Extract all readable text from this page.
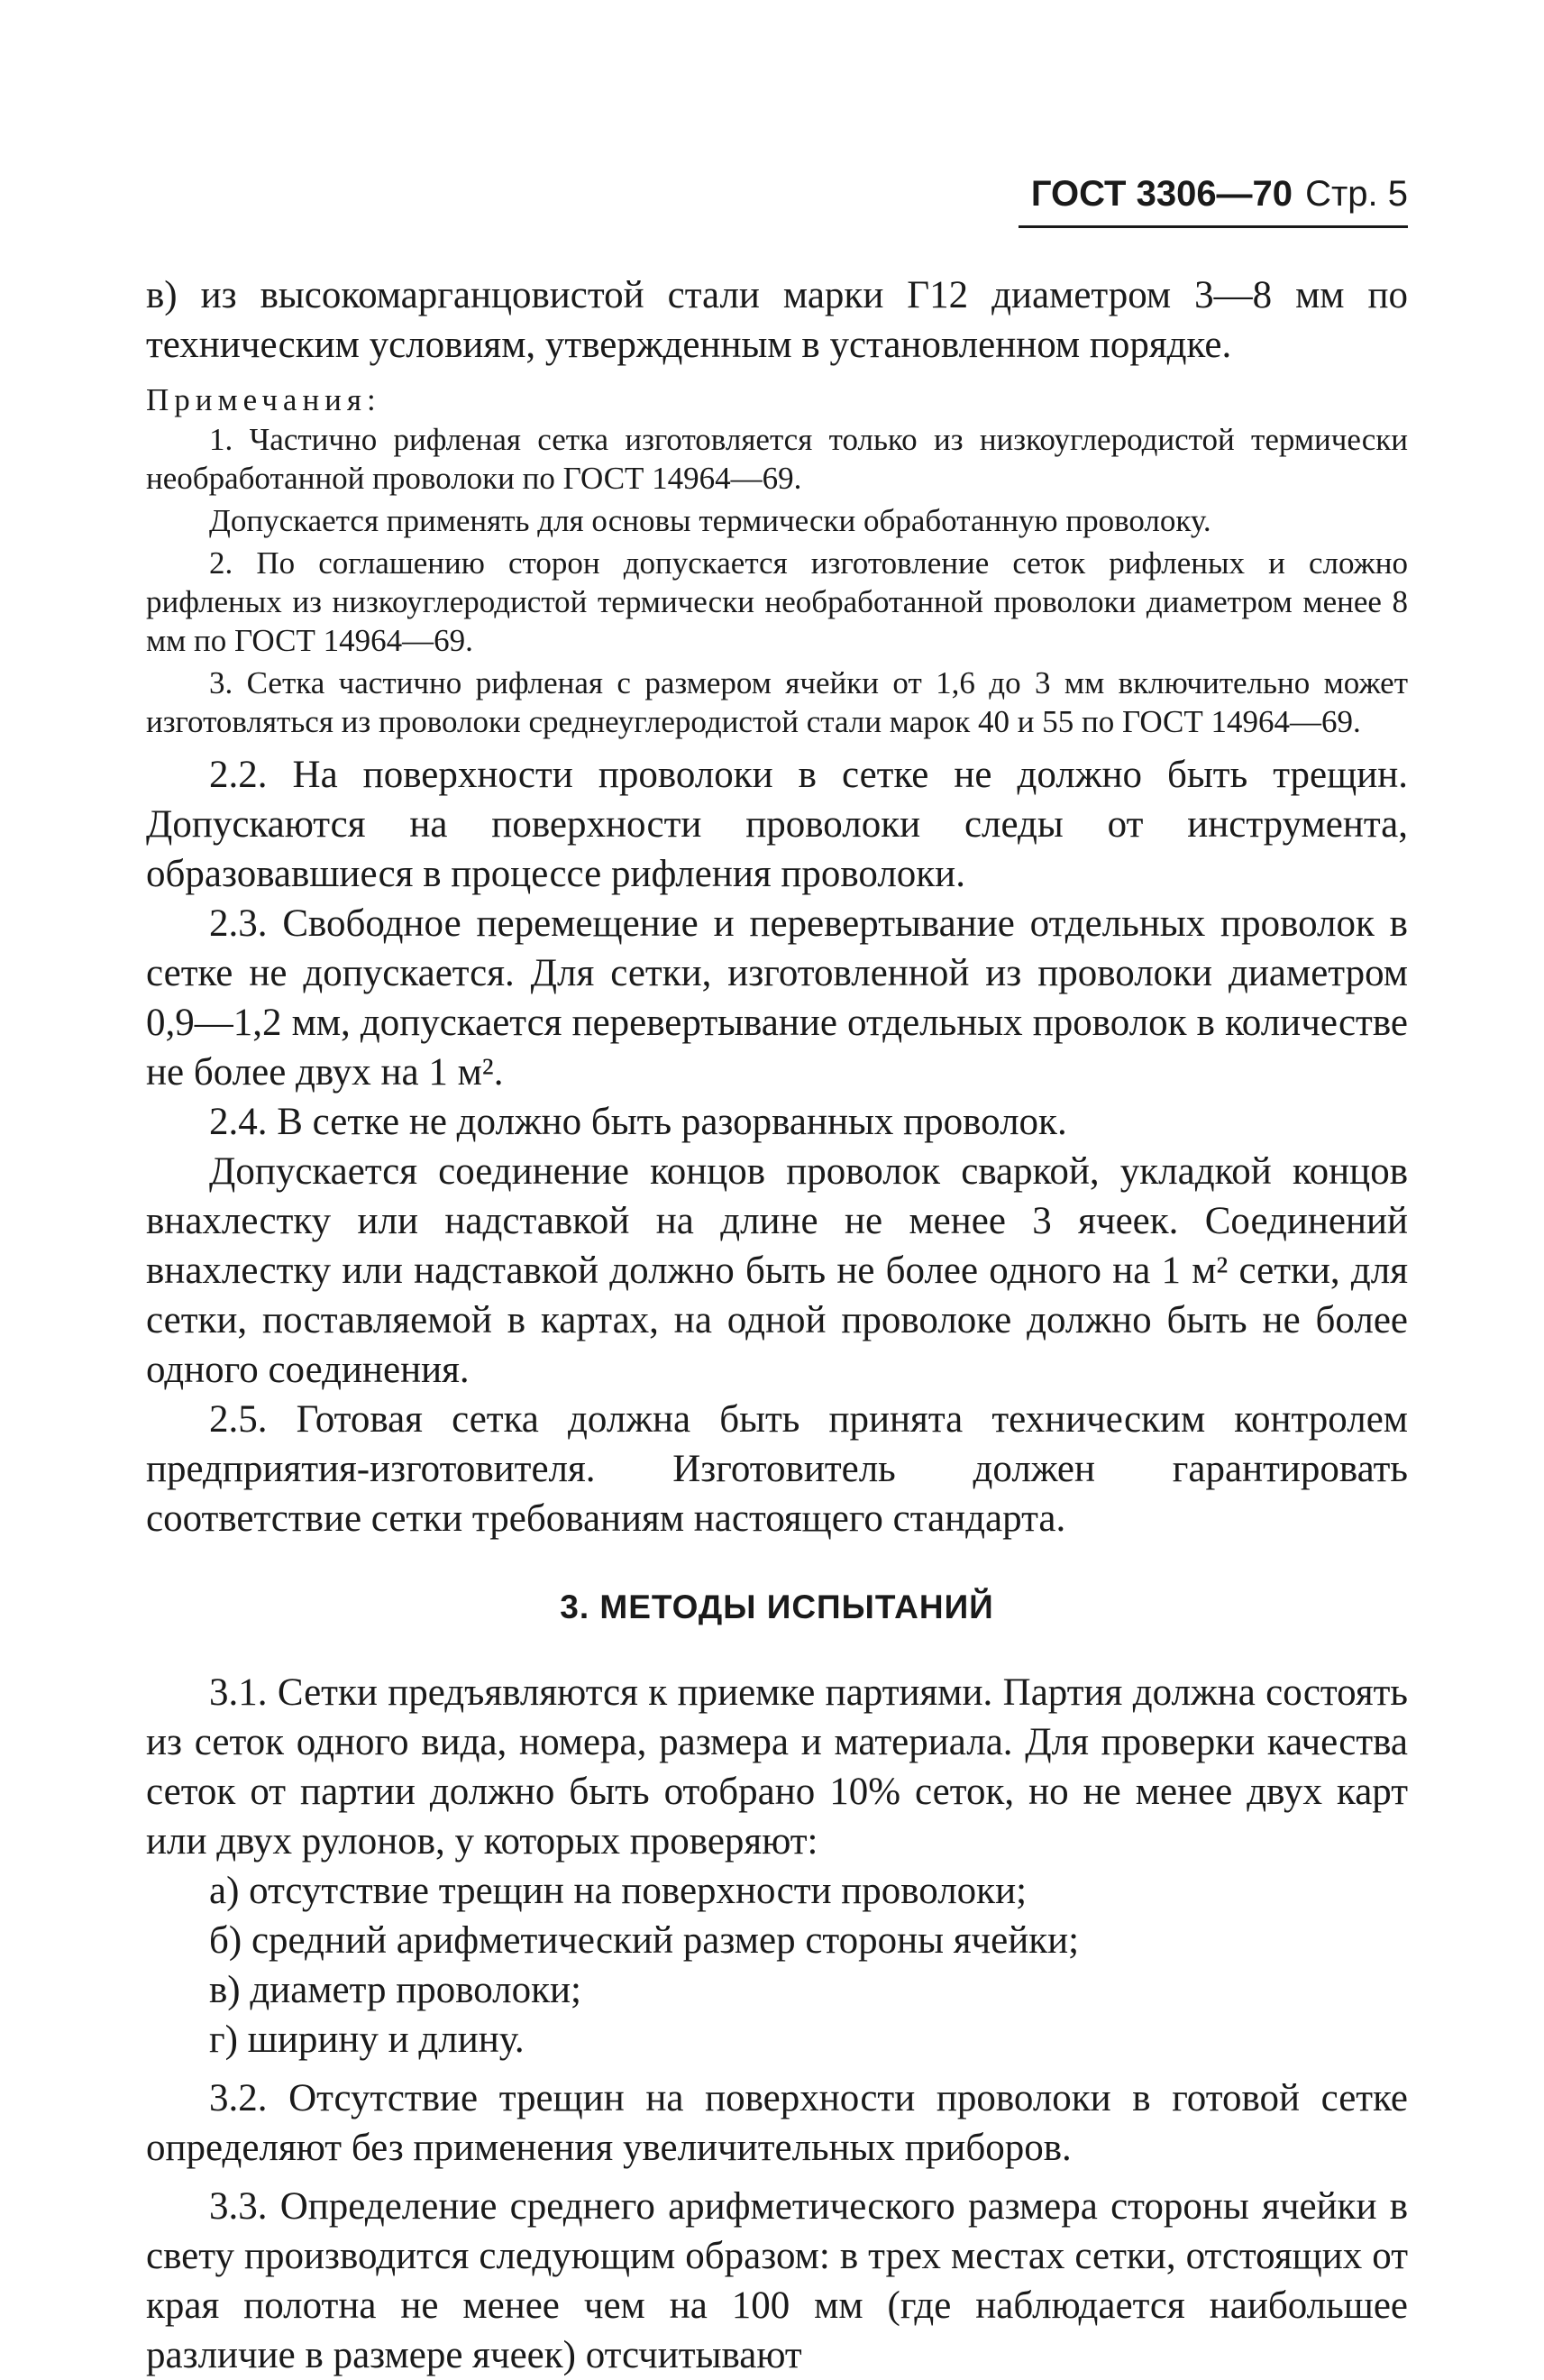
ГОСТ 3306—70 Стр. 5

в) из высокомарганцовистой стали марки Г12 диаметром 3—8 мм по техническим условиям, утвержденным в установленном порядке.

Примечания:

1. Частично рифленая сетка изготовляется только из низкоуглеродистой термически необработанной проволоки по ГОСТ 14964—69.

Допускается применять для основы термически обработанную проволоку.

2. По соглашению сторон допускается изготовление сеток рифленых и сложно рифленых из низкоуглеродистой термически необработанной проволоки диаметром менее 8 мм по ГОСТ 14964—69.

3. Сетка частично рифленая с размером ячейки от 1,6 до 3 мм включительно может изготовляться из проволоки среднеуглеродистой стали марок 40 и 55 по ГОСТ 14964—69.

2.2. На поверхности проволоки в сетке не должно быть трещин. Допускаются на поверхности проволоки следы от инструмента, образовавшиеся в процессе рифления проволоки.

2.3. Свободное перемещение и перевертывание отдельных проволок в сетке не допускается. Для сетки, изготовленной из проволоки диаметром 0,9—1,2 мм, допускается перевертывание отдельных проволок в количестве не более двух на 1 м².

2.4. В сетке не должно быть разорванных проволок.

Допускается соединение концов проволок сваркой, укладкой концов внахлестку или надставкой на длине не менее 3 ячеек. Соединений внахлестку или надставкой должно быть не более одного на 1 м² сетки, для сетки, поставляемой в картах, на одной проволоке должно быть не более одного соединения.

2.5. Готовая сетка должна быть принята техническим контролем предприятия-изготовителя. Изготовитель должен гарантировать соответствие сетки требованиям настоящего стандарта.

3. МЕТОДЫ ИСПЫТАНИЙ

3.1. Сетки предъявляются к приемке партиями. Партия должна состоять из сеток одного вида, номера, размера и материала. Для проверки качества сеток от партии должно быть отобрано 10% сеток, но не менее двух карт или двух рулонов, у которых проверяют:

а) отсутствие трещин на поверхности проволоки;

б) средний арифметический размер стороны ячейки;

в) диаметр проволоки;

г) ширину и длину.

3.2. Отсутствие трещин на поверхности проволоки в готовой сетке определяют без применения увеличительных приборов.

3.3. Определение среднего арифметического размера стороны ячейки в свету производится следующим образом: в трех местах сетки, отстоящих от края полотна не менее чем на 100 мм (где наблюдается наибольшее различие в размере ячеек) отсчитывают
